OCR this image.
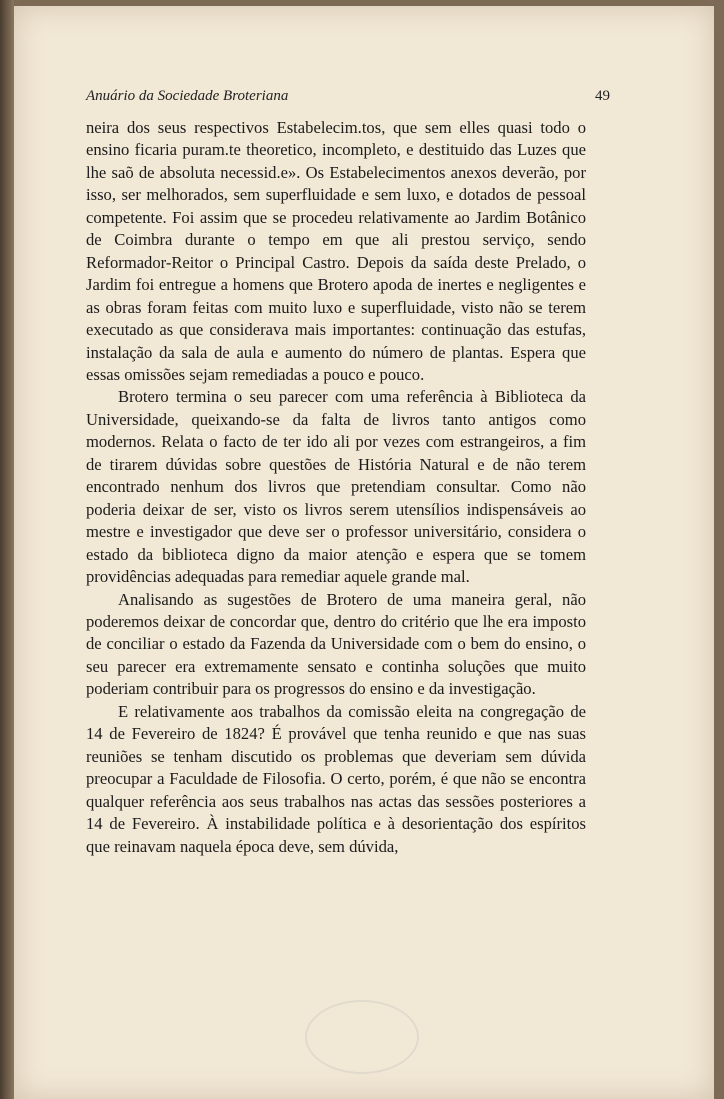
Anuário da Sociedade Broteriana	49

neira dos seus respectivos Estabelecim.tos, que sem elles quasi todo o ensino ficaria puram.te theoretico, incompleto, e destituido das Luzes que lhe saõ de absoluta necessid.e». Os Estabelecimentos anexos deverão, por isso, ser melhorados, sem superfluidade e sem luxo, e dotados de pessoal competente. Foi assim que se procedeu relativamente ao Jardim Botânico de Coimbra durante o tempo em que ali prestou serviço, sendo Reformador-Reitor o Principal Castro. Depois da saída deste Prelado, o Jardim foi entregue a homens que Brotero apoda de inertes e negligentes e as obras foram feitas com muito luxo e superfluidade, visto não se terem executado as que considerava mais importantes: continuação das estufas, instalação da sala de aula e aumento do número de plantas. Espera que essas omissões sejam remediadas a pouco e pouco.

Brotero termina o seu parecer com uma referência à Biblioteca da Universidade, queixando-se da falta de livros tanto antigos como modernos. Relata o facto de ter ido ali por vezes com estrangeiros, a fim de tirarem dúvidas sobre questões de História Natural e de não terem encontrado nenhum dos livros que pretendiam consultar. Como não poderia deixar de ser, visto os livros serem utensílios indispensáveis ao mestre e investigador que deve ser o professor universitário, considera o estado da biblioteca digno da maior atenção e espera que se tomem providências adequadas para remediar aquele grande mal.

Analisando as sugestões de Brotero de uma maneira geral, não poderemos deixar de concordar que, dentro do critério que lhe era imposto de conciliar o estado da Fazenda da Universidade com o bem do ensino, o seu parecer era extremamente sensato e continha soluções que muito poderiam contribuir para os progressos do ensino e da investigação.

E relativamente aos trabalhos da comissão eleita na congregação de 14 de Fevereiro de 1824? É provável que tenha reunido e que nas suas reuniões se tenham discutido os problemas que deveriam sem dúvida preocupar a Faculdade de Filosofia. O certo, porém, é que não se encontra qualquer referência aos seus trabalhos nas actas das sessões posteriores a 14 de Fevereiro. À instabilidade política e à desorientação dos espíritos que reinavam naquela época deve, sem dúvida,
